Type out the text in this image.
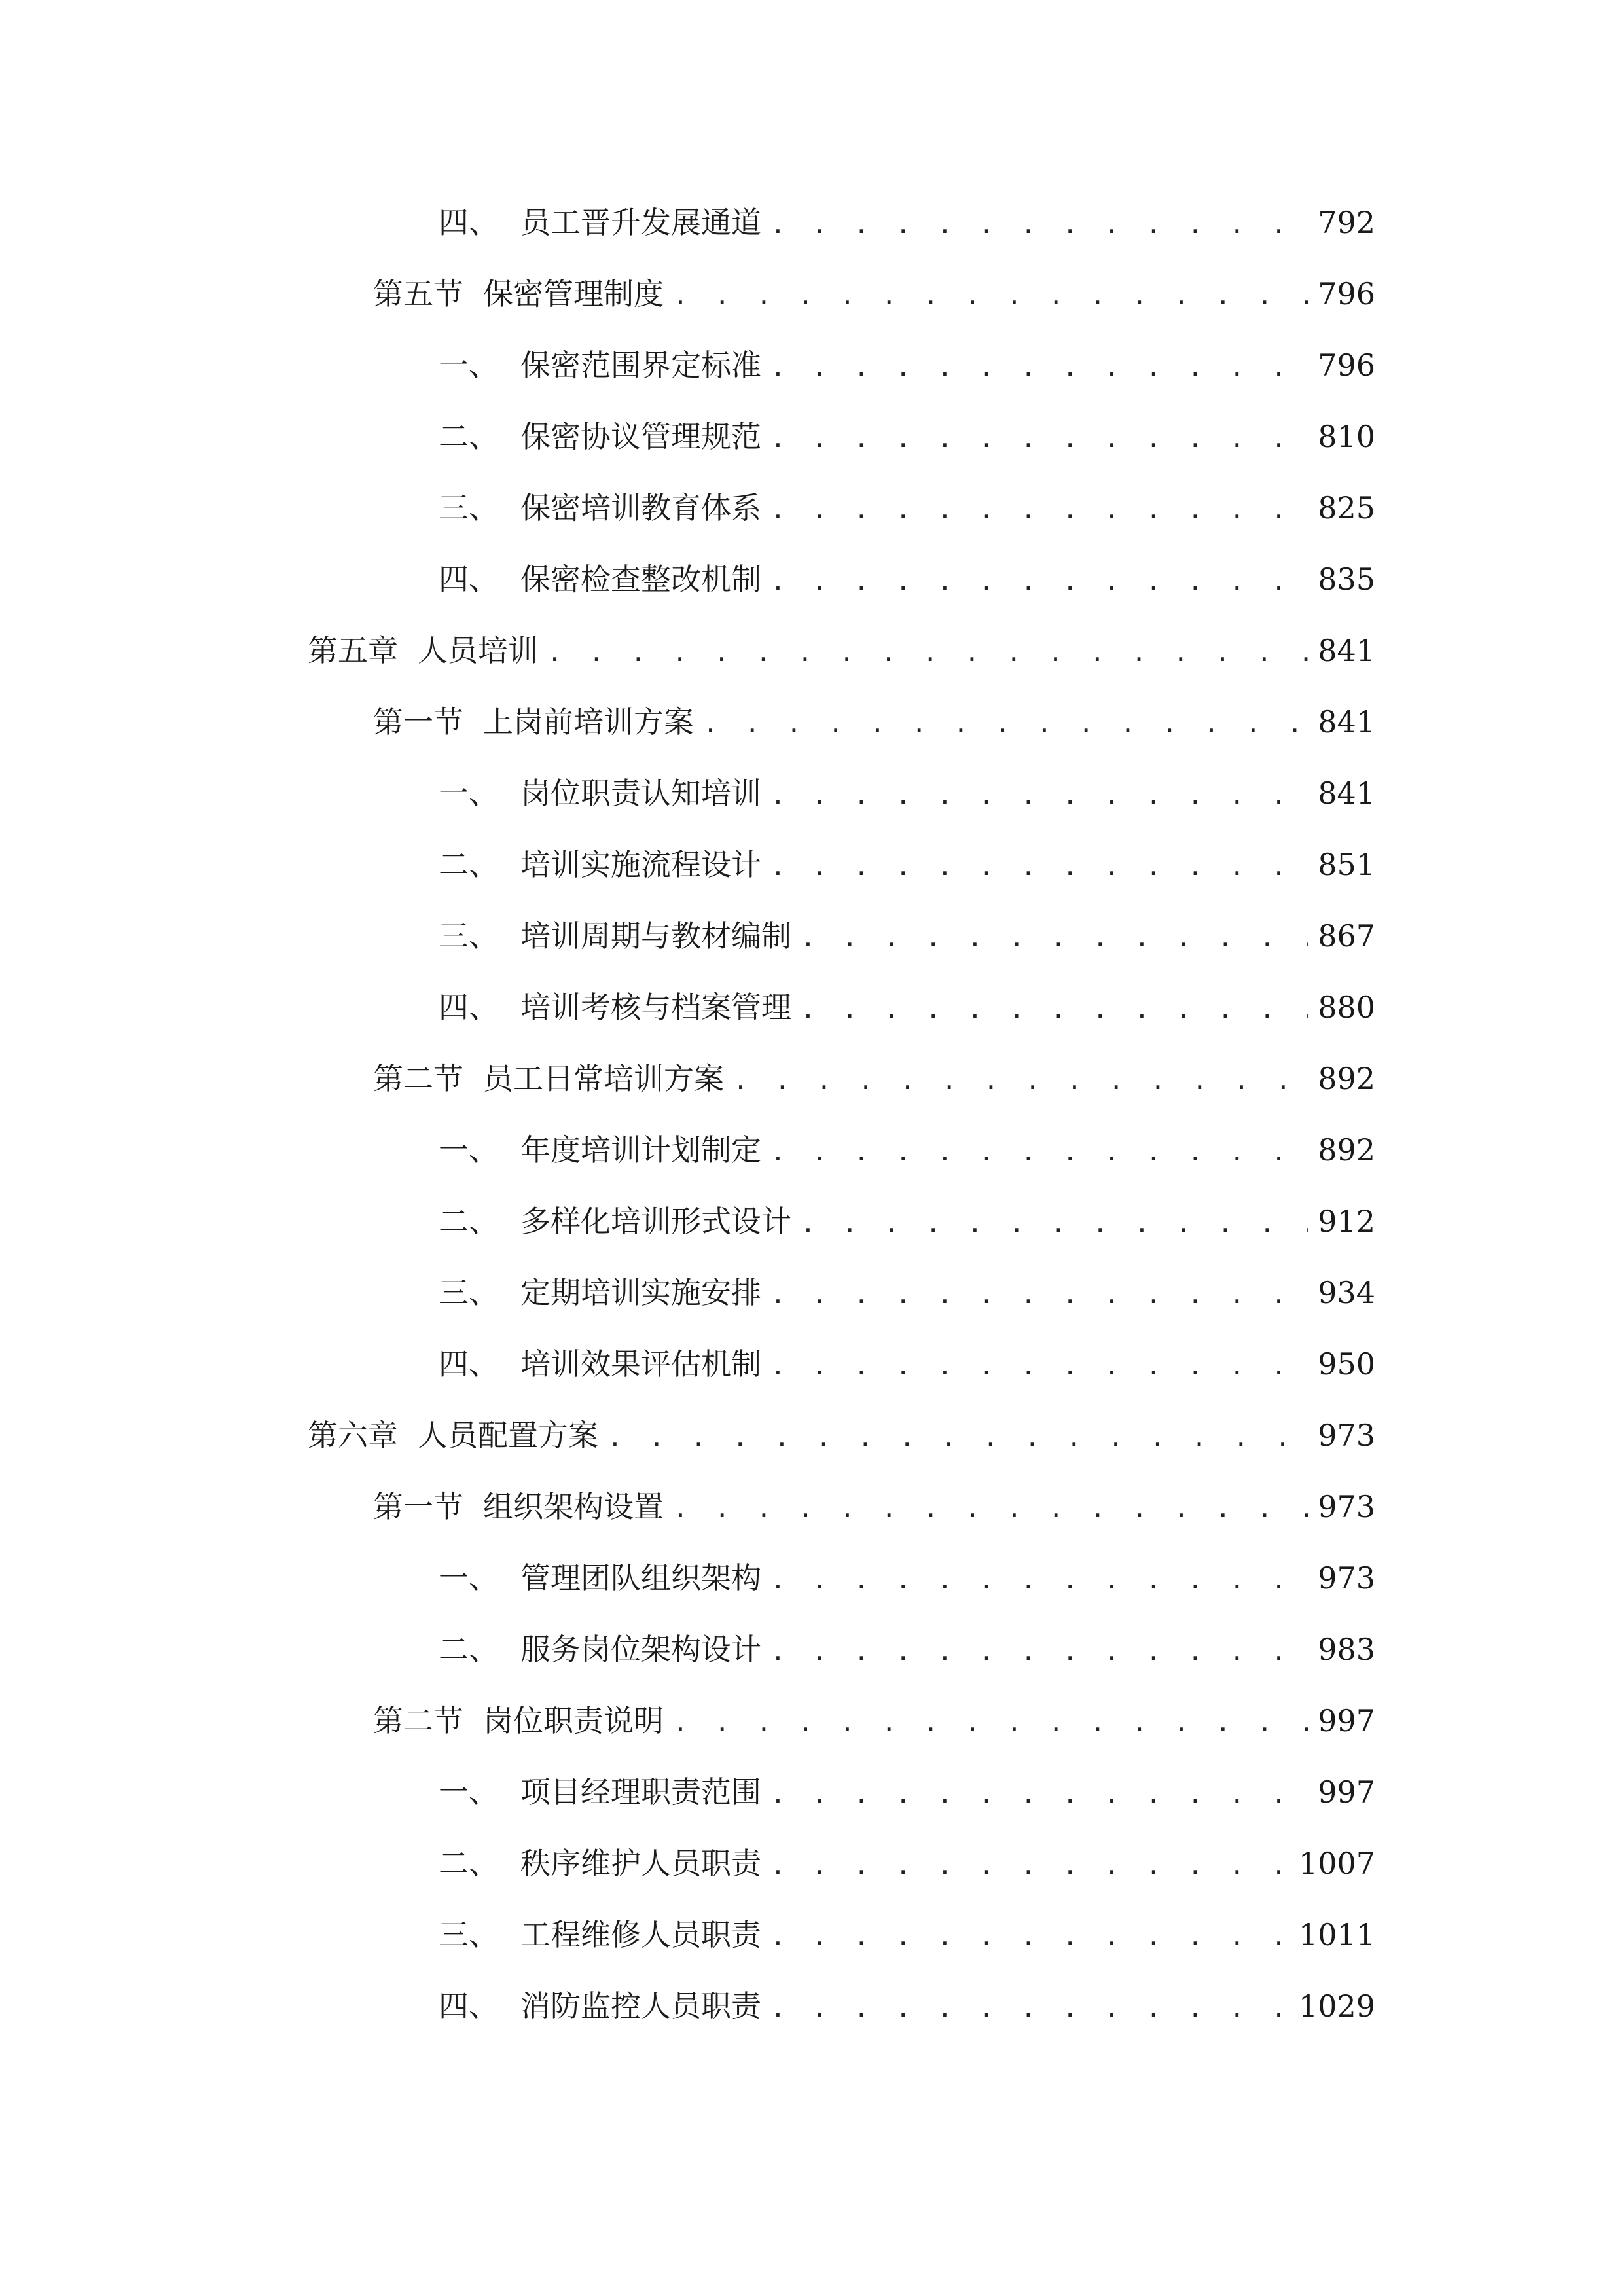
四、 员工晋升发展通道 . . .	792
第五节 保密管理制度 . . .	796
一、 保密范围界定标准 . . .	796
二、 保密协议管理规范 . . .	810
三、 保密培训教育体系 . . .	825
四、 保密检查整改机制 . . .	835
第五章 人员培训 . . .	841
第一节 上岗前培训方案 . . .	841
一、 岗位职责认知培训 . . .	841
二、 培训实施流程设计 . . .	851
三、 培训周期与教材编制 . . .	867
四、 培训考核与档案管理 . . .	880
第二节 员工日常培训方案 . . .	892
一、 年度培训计划制定 . . .	892
二、 多样化培训形式设计 . . .	912
三、 定期培训实施安排 . . .	934
四、 培训效果评估机制 . . .	950
第六章 人员配置方案 . . .	973
第一节 组织架构设置 . . .	973
一、 管理团队组织架构 . . .	973
二、 服务岗位架构设计 . . .	983
第二节 岗位职责说明 . . .	997
一、 项目经理职责范围 . . .	997
二、 秩序维护人员职责 . . .	1007
三、 工程维修人员职责 . . .	1011
四、 消防监控人员职责 . . .	1029
